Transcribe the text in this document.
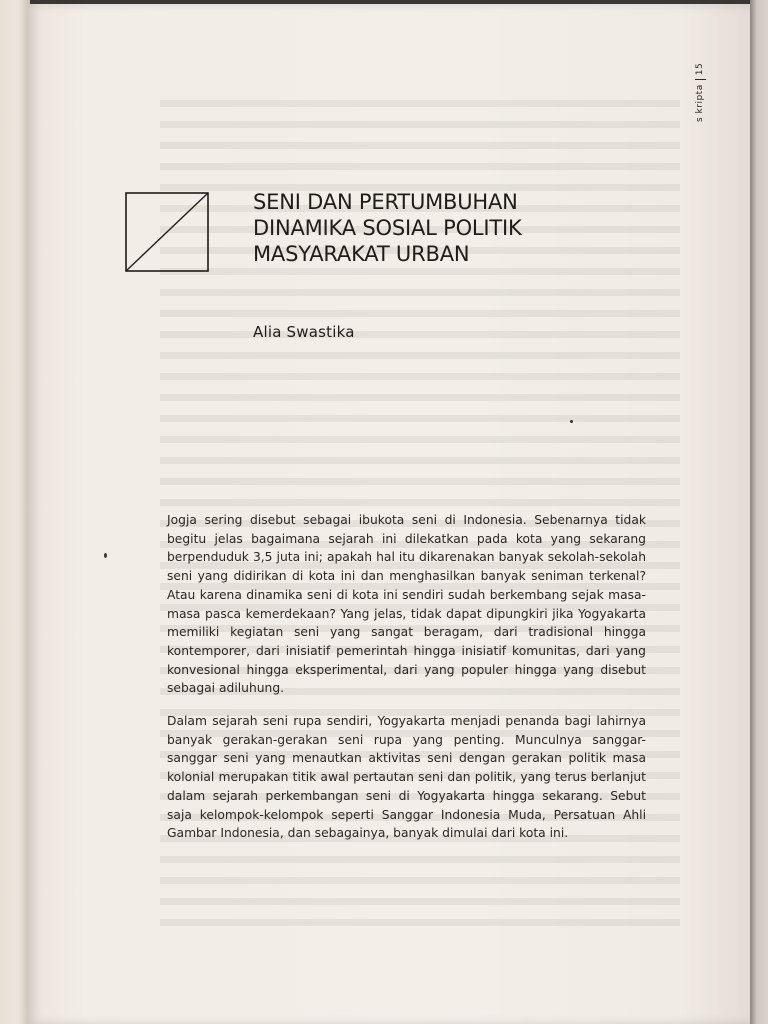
s kripta
15
SENI DAN PERTUMBUHAN
DINAMIKA SOSIAL POLITIK
MASYARAKAT URBAN

Alia Swastika

Jogja sering disebut sebagai ibukota seni di Indonesia. Sebenarnya tidak begitu jelas bagaimana sejarah ini dilekatkan pada kota yang sekarang berpenduduk 3,5 juta ini; apakah hal itu dikarenakan banyak sekolah-sekolah seni yang didirikan di kota ini dan menghasilkan banyak seniman terkenal? Atau karena dinamika seni di kota ini sendiri sudah berkembang sejak masa-masa pasca kemerdekaan? Yang jelas, tidak dapat dipungkiri jika Yogyakarta memiliki kegiatan seni yang sangat beragam, dari tradisional hingga kontemporer, dari inisiatif pemerintah hingga inisiatif komunitas, dari yang konvesional hingga eksperimental, dari yang populer hingga yang disebut sebagai adiluhung.

Dalam sejarah seni rupa sendiri, Yogyakarta menjadi penanda bagi lahirnya banyak gerakan-gerakan seni rupa yang penting. Munculnya sanggar-sanggar seni yang menautkan aktivitas seni dengan gerakan politik masa kolonial merupakan titik awal pertautan seni dan politik, yang terus berlanjut dalam sejarah perkembangan seni di Yogyakarta hingga sekarang. Sebut saja kelompok-kelompok seperti Sanggar Indonesia Muda, Persatuan Ahli Gambar Indonesia, dan sebagainya, banyak dimulai dari kota ini.
